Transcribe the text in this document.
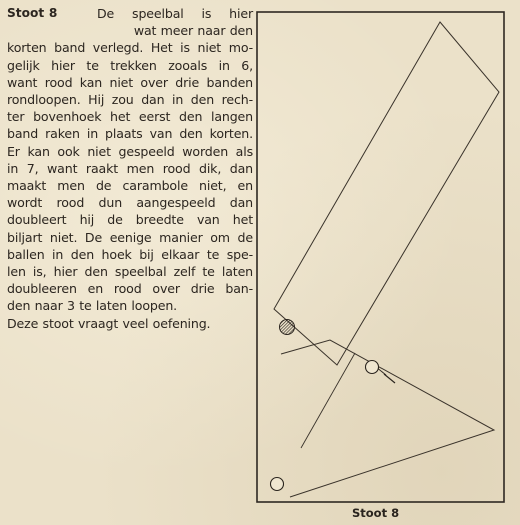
Stoot 8	De speelbal is hier
wat meer naar den
korten band verlegd. Het is niet mo-
gelijk hier te trekken zooals in 6,
want rood kan niet over drie banden
rondloopen. Hij zou dan in den rech-
ter bovenhoek het eerst den langen
band raken in plaats van den korten.
Er kan ook niet gespeeld worden als
in 7, want raakt men rood dik, dan
maakt men de carambole niet, en
wordt rood dun aangespeeld dan
doubleert hij de breedte van het
biljart niet. De eenige manier om de
ballen in den hoek bij elkaar te spe-
len is, hier den speelbal zelf te laten
doubleeren en rood over drie ban-
den naar 3 te laten loopen.

Deze stoot vraagt veel oefening.

Stoot 8
